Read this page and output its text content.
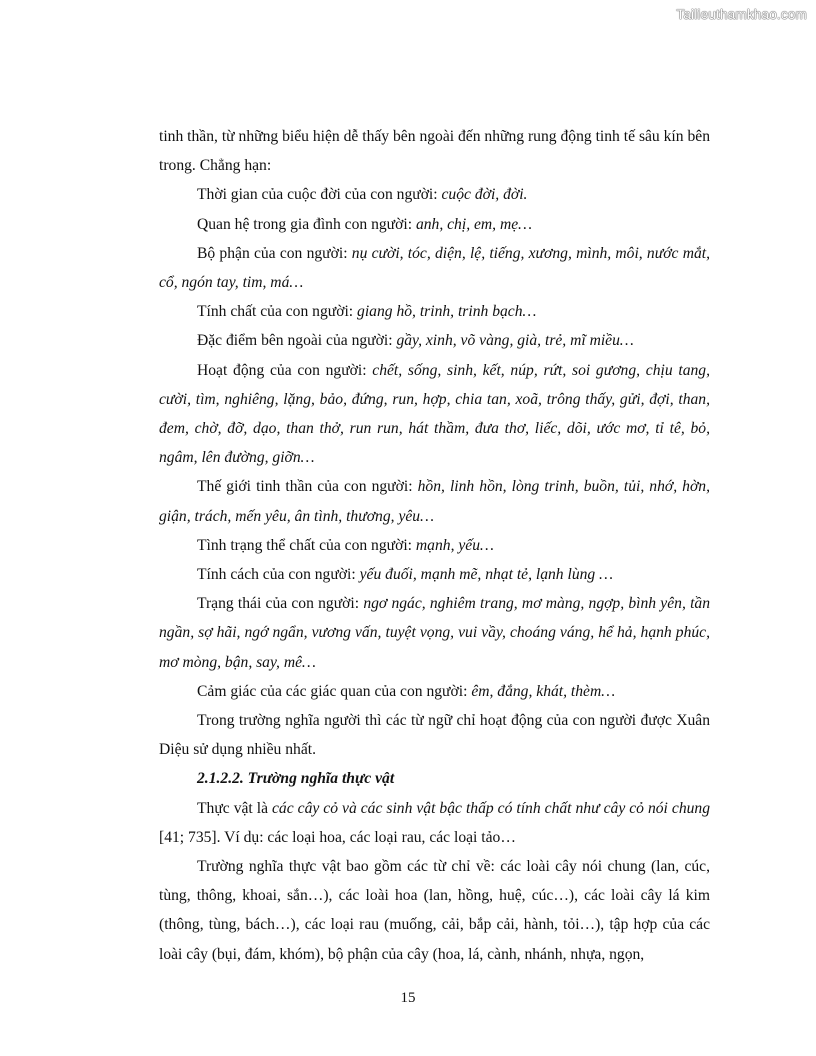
Tailieuthamkhao.com

tinh thần, từ những biểu hiện dễ thấy bên ngoài đến những rung động tinh tế sâu kín bên trong. Chẳng hạn:

Thời gian của cuộc đời của con người: cuộc đời, đời.

Quan hệ trong gia đình con người: anh, chị, em, mẹ…

Bộ phận của con người: nụ cười, tóc, diện, lệ, tiếng, xương, mình, môi, nước mắt, cổ, ngón tay, tim, má…

Tính chất của con người: giang hồ, trinh, trinh bạch…

Đặc điểm bên ngoài của người: gầy, xinh, võ vàng, già, trẻ, mĩ miều…

Hoạt động của con người: chết, sống, sinh, kết, núp, rứt, soi gương, chịu tang, cười, tìm, nghiêng, lặng, bảo, đứng, run, hợp, chia tan, xoã, trông thấy, gửi, đợi, than, đem, chờ, đỡ, dạo, than thở, run run, hát thầm, đưa thơ, liếc, dõi, ước mơ, tỉ tê, bỏ, ngâm, lên đường, giỡn…

Thế giới tinh thần của con người: hồn, linh hồn, lòng trinh, buồn, tủi, nhớ, hờn, giận, trách, mến yêu, ân tình, thương, yêu…

Tình trạng thể chất của con người: mạnh, yếu…

Tính cách của con người: yếu đuối, mạnh mẽ, nhạt tẻ, lạnh lùng …

Trạng thái của con người: ngơ ngác, nghiêm trang, mơ màng, ngợp, bình yên, tần ngần, sợ hãi, ngớ ngẩn, vương vấn, tuyệt vọng, vui vầy, choáng váng, hể hả, hạnh phúc, mơ mòng, bận, say, mê…

Cảm giác của các giác quan của con người: êm, đắng, khát, thèm…

Trong trường nghĩa người thì các từ ngữ chỉ hoạt động của con người được Xuân Diệu sử dụng nhiều nhất.

2.1.2.2. Trường nghĩa thực vật

Thực vật là các cây cỏ và các sinh vật bậc thấp có tính chất như cây cỏ nói chung [41; 735]. Ví dụ: các loại hoa, các loại rau, các loại tảo…

Trường nghĩa thực vật bao gồm các từ chỉ về: các loài cây nói chung (lan, cúc, tùng, thông, khoai, sắn…), các loài hoa (lan, hồng, huệ, cúc…), các loài cây lá kim (thông, tùng, bách…), các loại rau (muống, cải, bắp cải, hành, tỏi…), tập hợp của các loài cây (bụi, đám, khóm), bộ phận của cây (hoa, lá, cành, nhánh, nhựa, ngọn,

15
